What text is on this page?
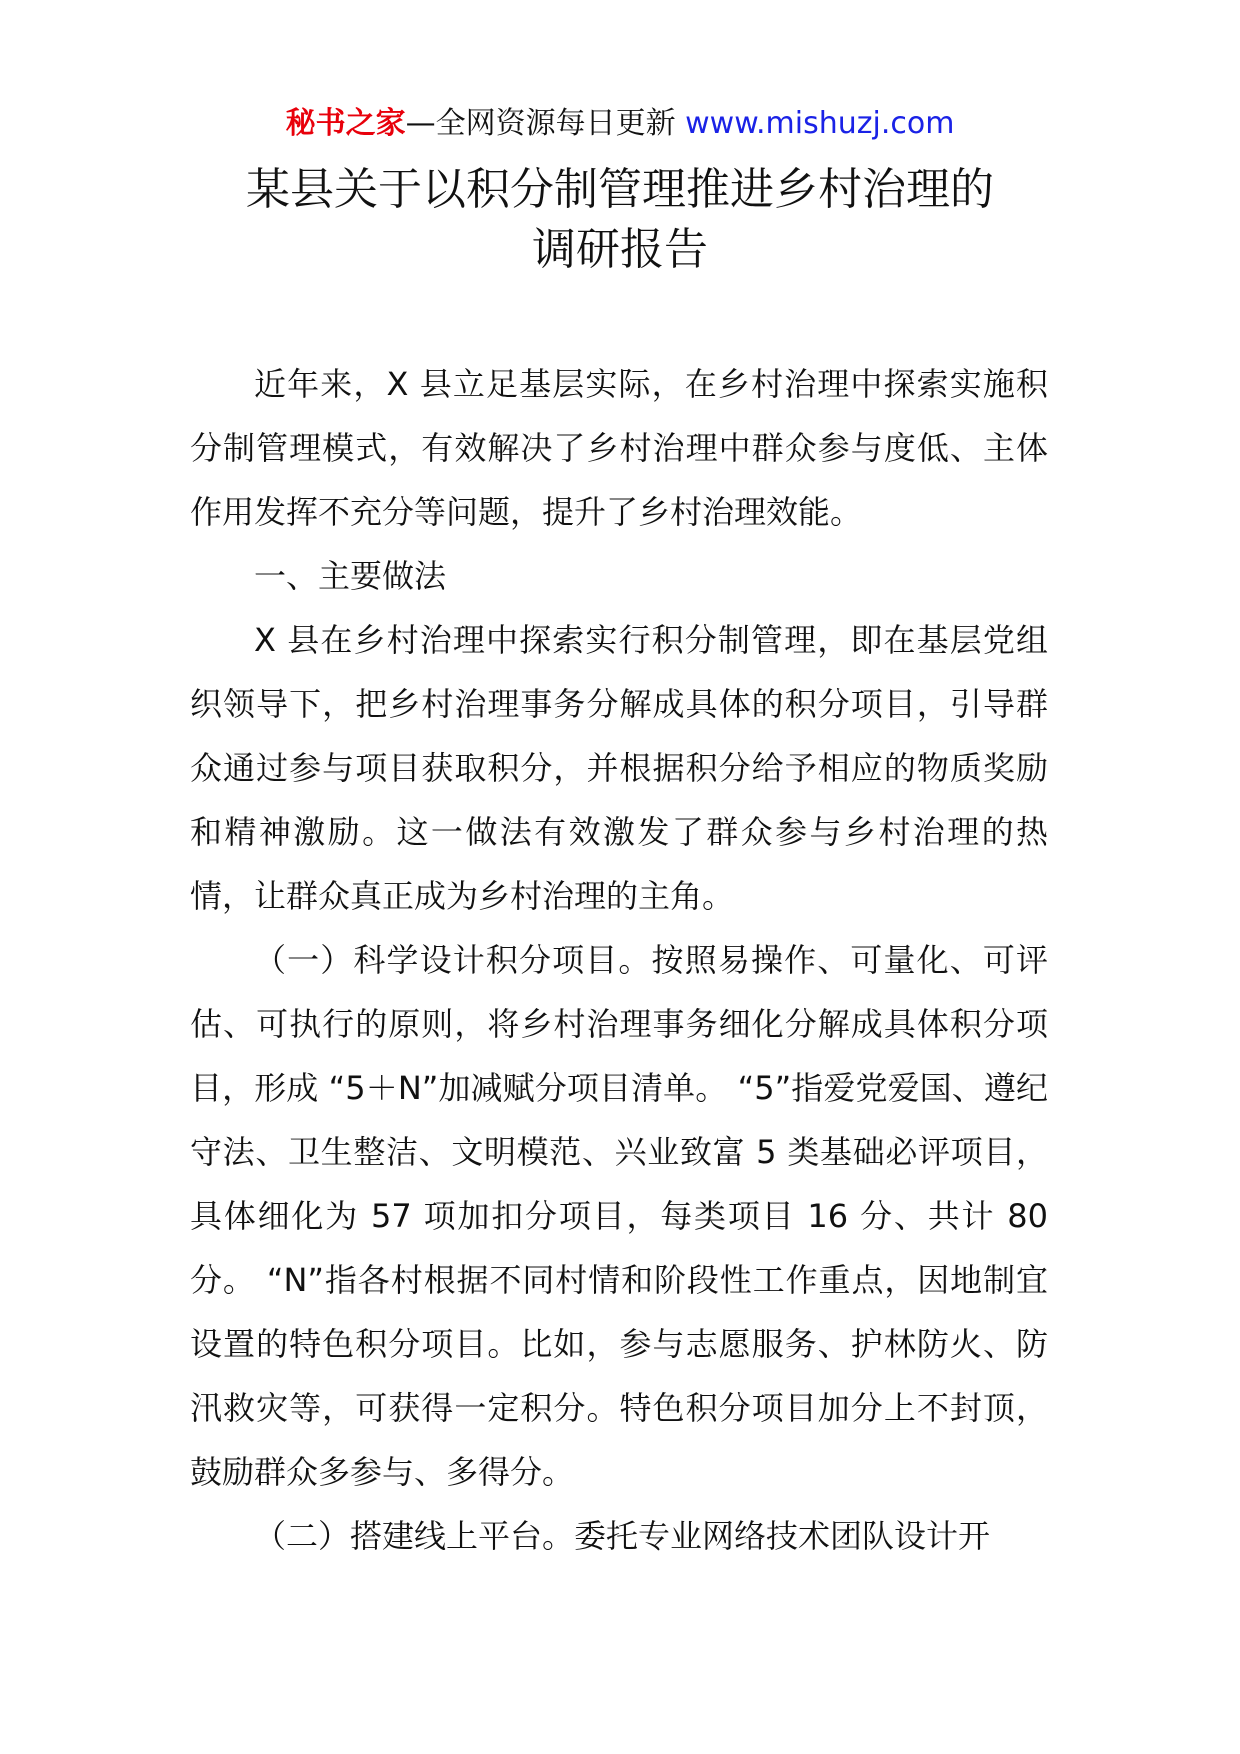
秘书之家—全网资源每日更新 www.mishuzj.com
某县关于以积分制管理推进乡村治理的
调研报告

近年来，X 县立足基层实际，在乡村治理中探索实施积分制管理模式，有效解决了乡村治理中群众参与度低、主体作用发挥不充分等问题，提升了乡村治理效能。

一、主要做法

X 县在乡村治理中探索实行积分制管理，即在基层党组织领导下，把乡村治理事务分解成具体的积分项目，引导群众通过参与项目获取积分，并根据积分给予相应的物质奖励和精神激励。这一做法有效激发了群众参与乡村治理的热情，让群众真正成为乡村治理的主角。

（一）科学设计积分项目。按照易操作、可量化、可评估、可执行的原则，将乡村治理事务细化分解成具体积分项目，形成 “5＋N”加减赋分项目清单。 “5”指爱党爱国、遵纪守法、卫生整洁、文明模范、兴业致富 5 类基础必评项目，具体细化为 57 项加扣分项目，每类项目 16 分、共计 80 分。 “N”指各村根据不同村情和阶段性工作重点，因地制宜设置的特色积分项目。比如，参与志愿服务、护林防火、防汛救灾等，可获得一定积分。特色积分项目加分上不封顶，鼓励群众多参与、多得分。

（二）搭建线上平台。委托专业网络技术团队设计开
